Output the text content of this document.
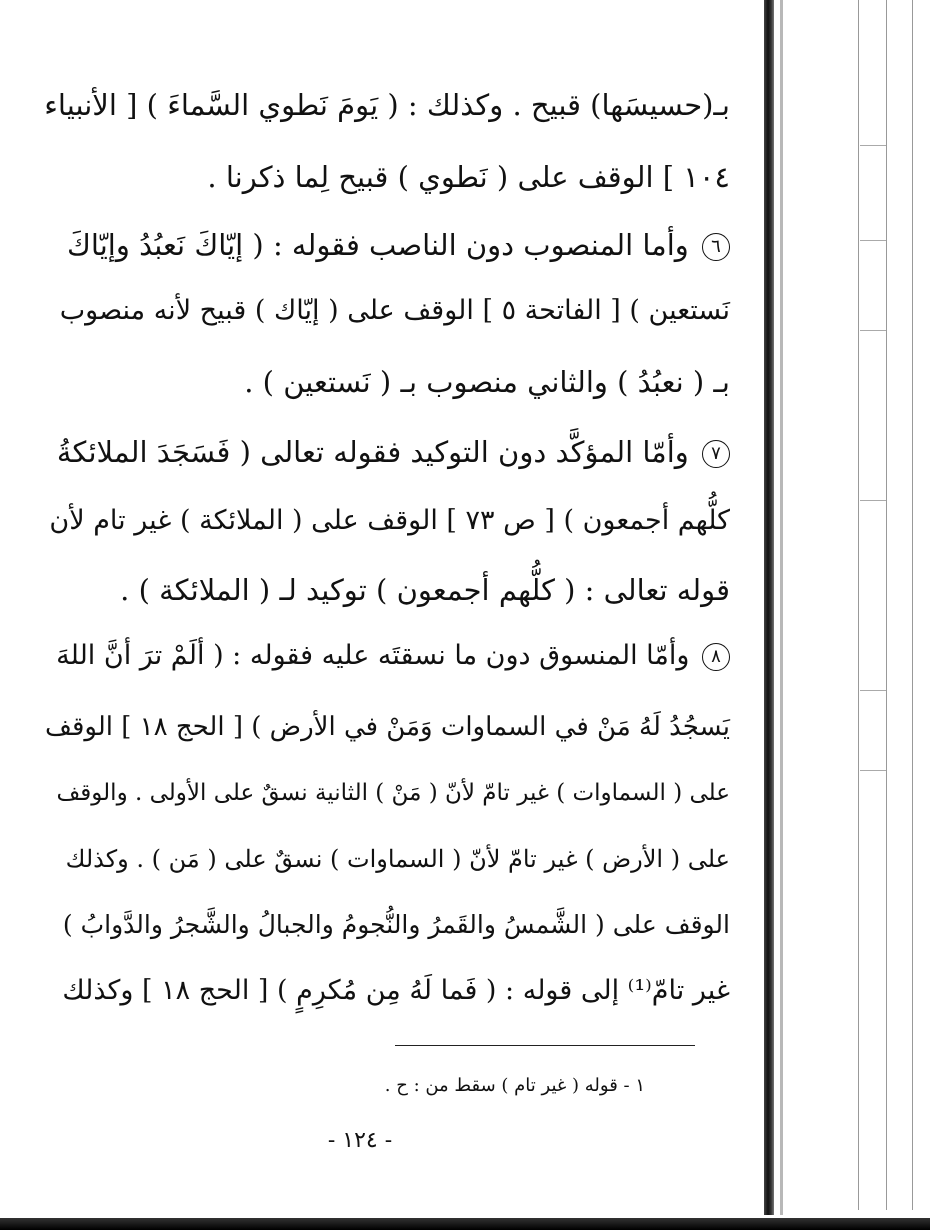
بـ(حسيسَها) قبيح . وكذلك : ( يَومَ نَطوي السَّماءَ ) [ الأنبياء
١٠٤ ] الوقف على ( نَطوي ) قبيح لِما ذكرنا .
٦ وأما المنصوب دون الناصب فقوله : ( إيّاكَ نَعبُدُ وإيّاكَ
نَستعين ) [ الفاتحة ٥ ] الوقف على ( إيّاك ) قبيح لأنه منصوب
بـ ( نعبُدُ ) والثاني منصوب بـ ( نَستعين ) .
٧ وأمّا المؤكَّد دون التوكيد فقوله تعالى ( فَسَجَدَ الملائكةُ
كلُّهم أجمعون ) [ ص ٧٣ ] الوقف على ( الملائكة ) غير تام لأن
قوله تعالى : ( كلُّهم أجمعون ) توكيد لـ ( الملائكة ) .
٨ وأمّا المنسوق دون ما نسقتَه عليه فقوله : ( ألَمْ ترَ أنَّ اللهَ
يَسجُدُ لَهُ مَنْ في السماوات وَمَنْ في الأرض ) [ الحج ١٨ ] الوقف
على ( السماوات ) غير تامّ لأنّ ( مَنْ ) الثانية نسقٌ على الأولى . والوقف
على ( الأرض ) غير تامّ لأنّ ( السماوات ) نسقٌ على ( مَن ) . وكذلك
الوقف على ( الشَّمسُ والقَمرُ والنُّجومُ والجبالُ والشَّجرُ والدَّوابُ )
غير تامّ⁽¹⁾ إلى قوله : ( فَما لَهُ مِن مُكرِمٍ ) [ الحج ١٨ ] وكذلك
١ - قوله ( غير تام ) سقط من : ح .
- ١٢٤ -
